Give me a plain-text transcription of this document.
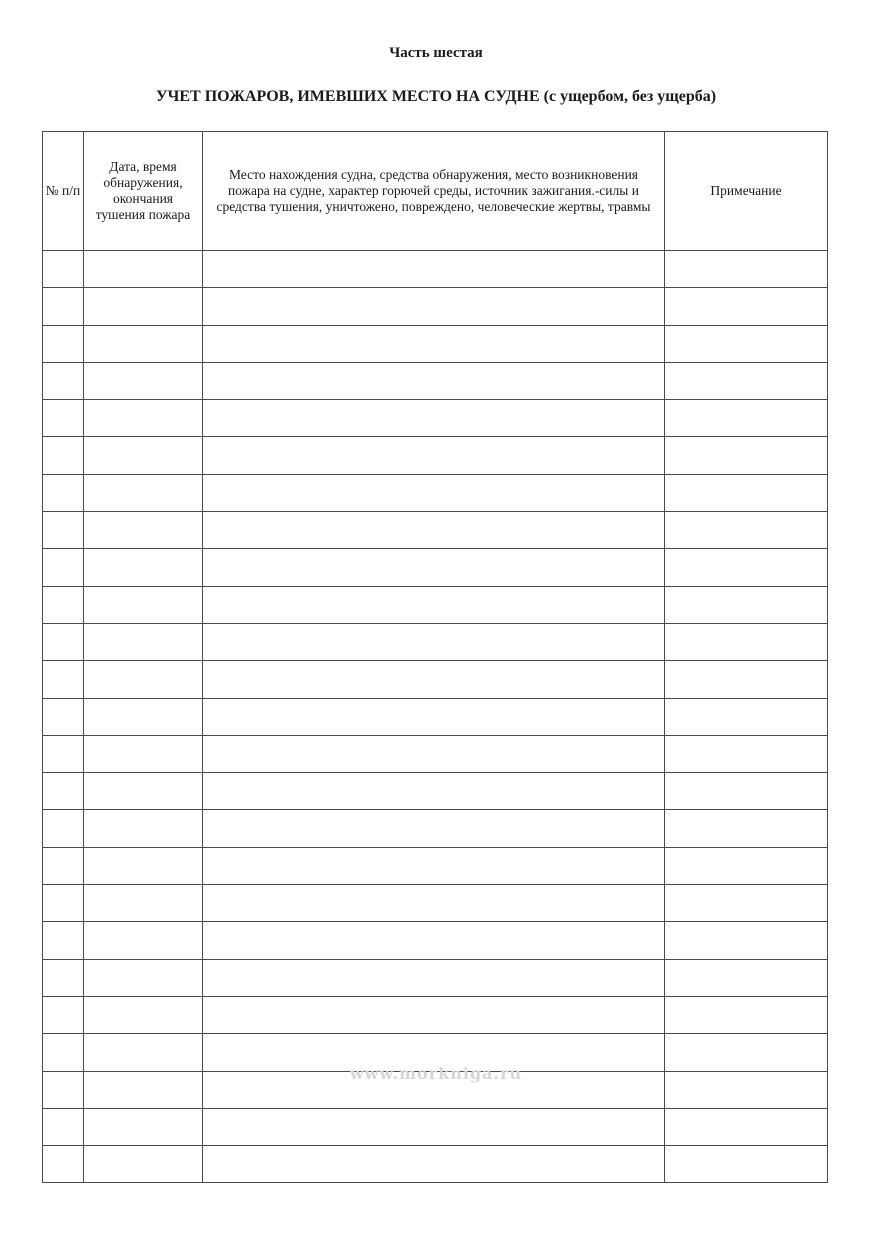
Часть шестая
УЧЕТ ПОЖАРОВ, ИМЕВШИХ МЕСТО НА СУДНЕ (с ущербом, без ущерба)
№ п/п	Дата, время обнаружения, окончания тушения пожара	Место нахождения судна, средства обнаружения, место возникновения пожара на судне, характер горючей среды, источник зажигания.-силы и средства тушения, уничтожено, повреждено, человеческие жертвы, травмы	Примечание

www.morkniga.ru
